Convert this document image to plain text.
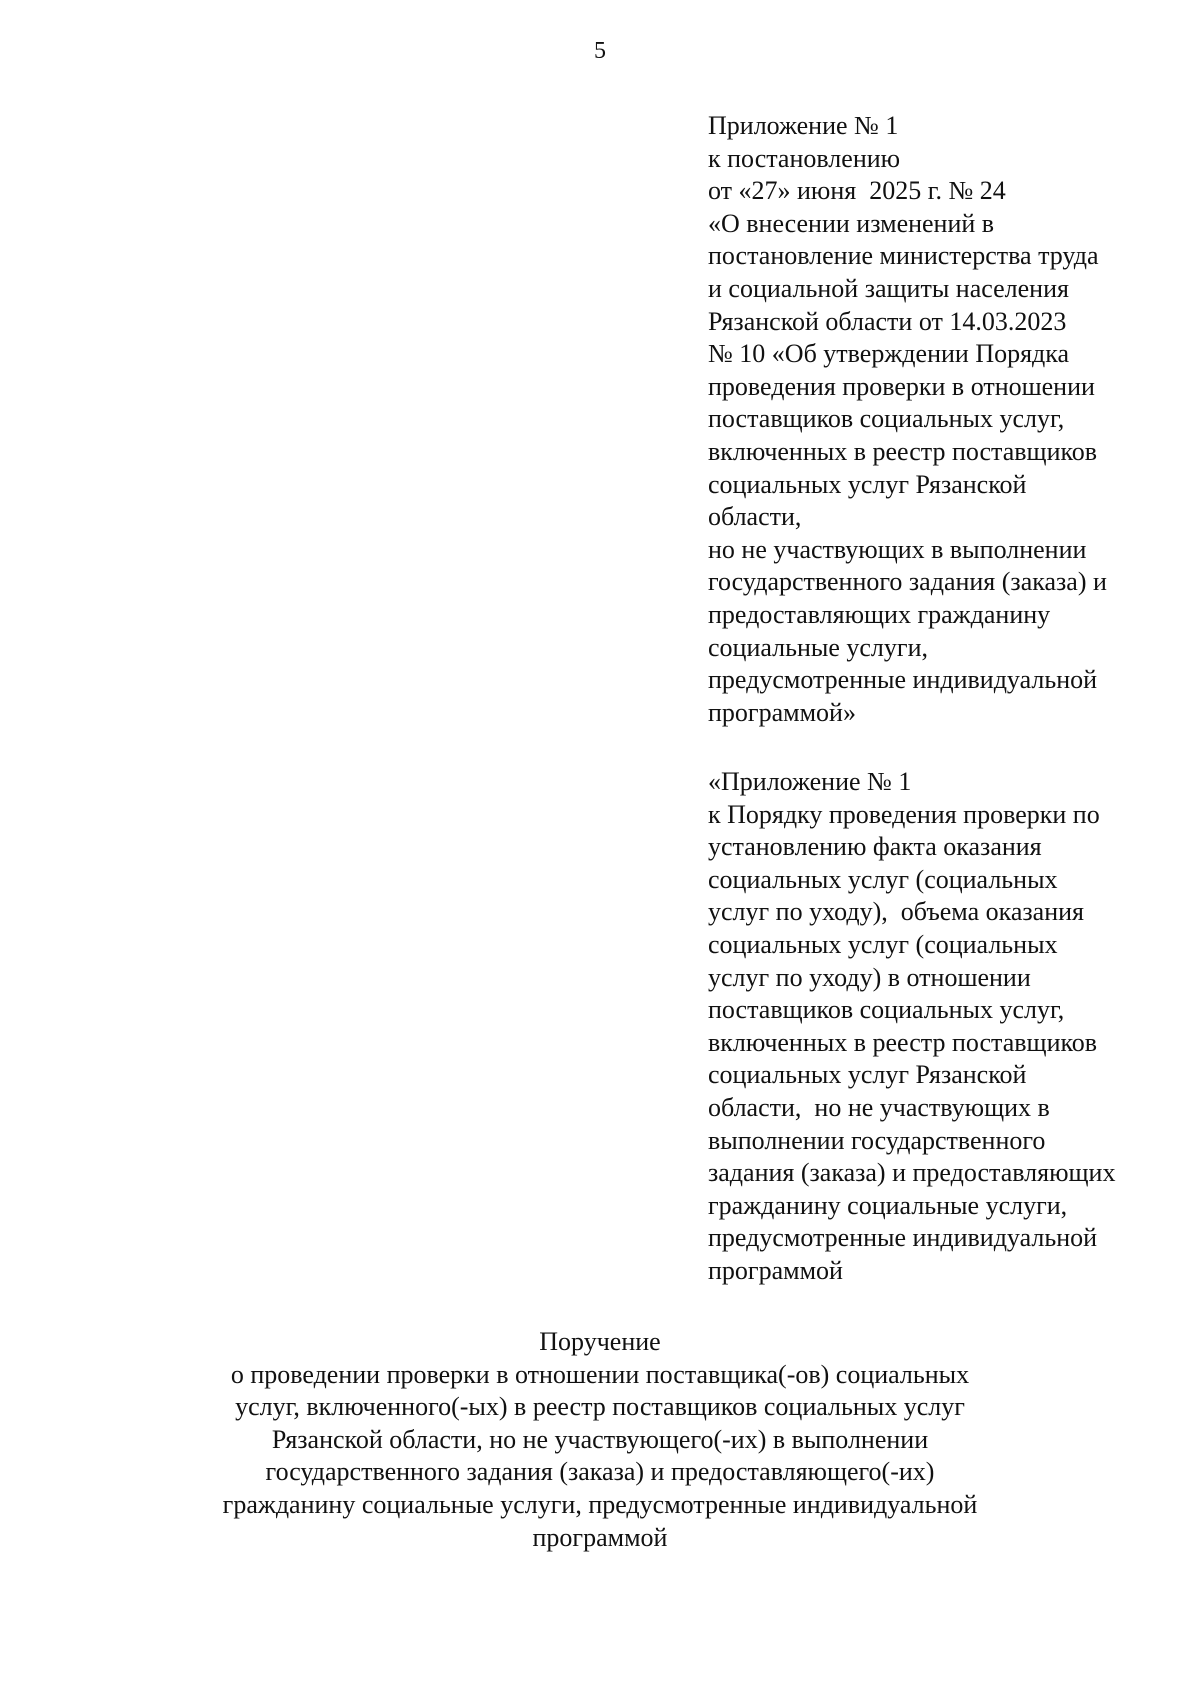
5
Приложение № 1
к постановлению
от «27» июня  2025 г. № 24
«О внесении изменений в
постановление министерства труда
и социальной защиты населения
Рязанской области от 14.03.2023
№ 10 «Об утверждении Порядка
проведения проверки в отношении
поставщиков социальных услуг,
включенных в реестр поставщиков
социальных услуг Рязанской
области,
но не участвующих в выполнении
государственного задания (заказа) и
предоставляющих гражданину
социальные услуги,
предусмотренные индивидуальной
программой»
«Приложение № 1
к Порядку проведения проверки по
установлению факта оказания
социальных услуг (социальных
услуг по уходу),  объема оказания
социальных услуг (социальных
услуг по уходу) в отношении
поставщиков социальных услуг,
включенных в реестр поставщиков
социальных услуг Рязанской
области,  но не участвующих в
выполнении государственного
задания (заказа) и предоставляющих
гражданину социальные услуги,
предусмотренные индивидуальной
программой
Поручение
о проведении проверки в отношении поставщика(-ов) социальных
услуг, включенного(-ых) в реестр поставщиков социальных услуг
Рязанской области, но не участвующего(-их) в выполнении
государственного задания (заказа) и предоставляющего(-их)
гражданину социальные услуги, предусмотренные индивидуальной
программой
